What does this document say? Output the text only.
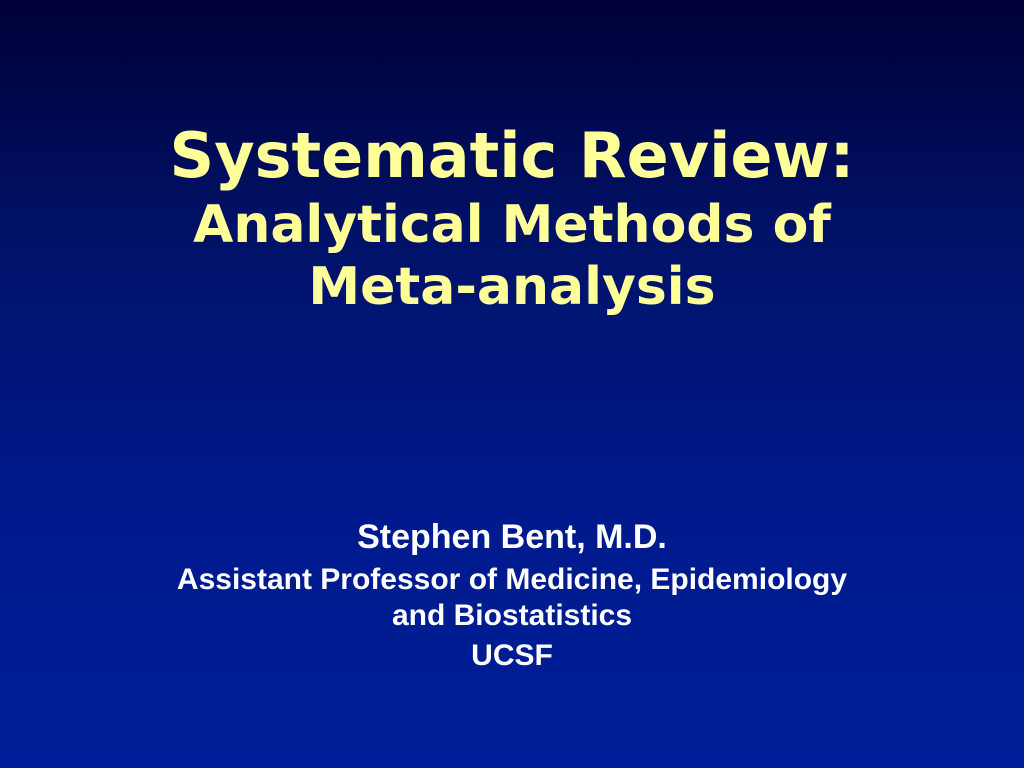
Systematic Review:
Analytical Methods of
Meta-analysis
Stephen Bent, M.D.
Assistant Professor of Medicine, Epidemiology
and Biostatistics
UCSF
